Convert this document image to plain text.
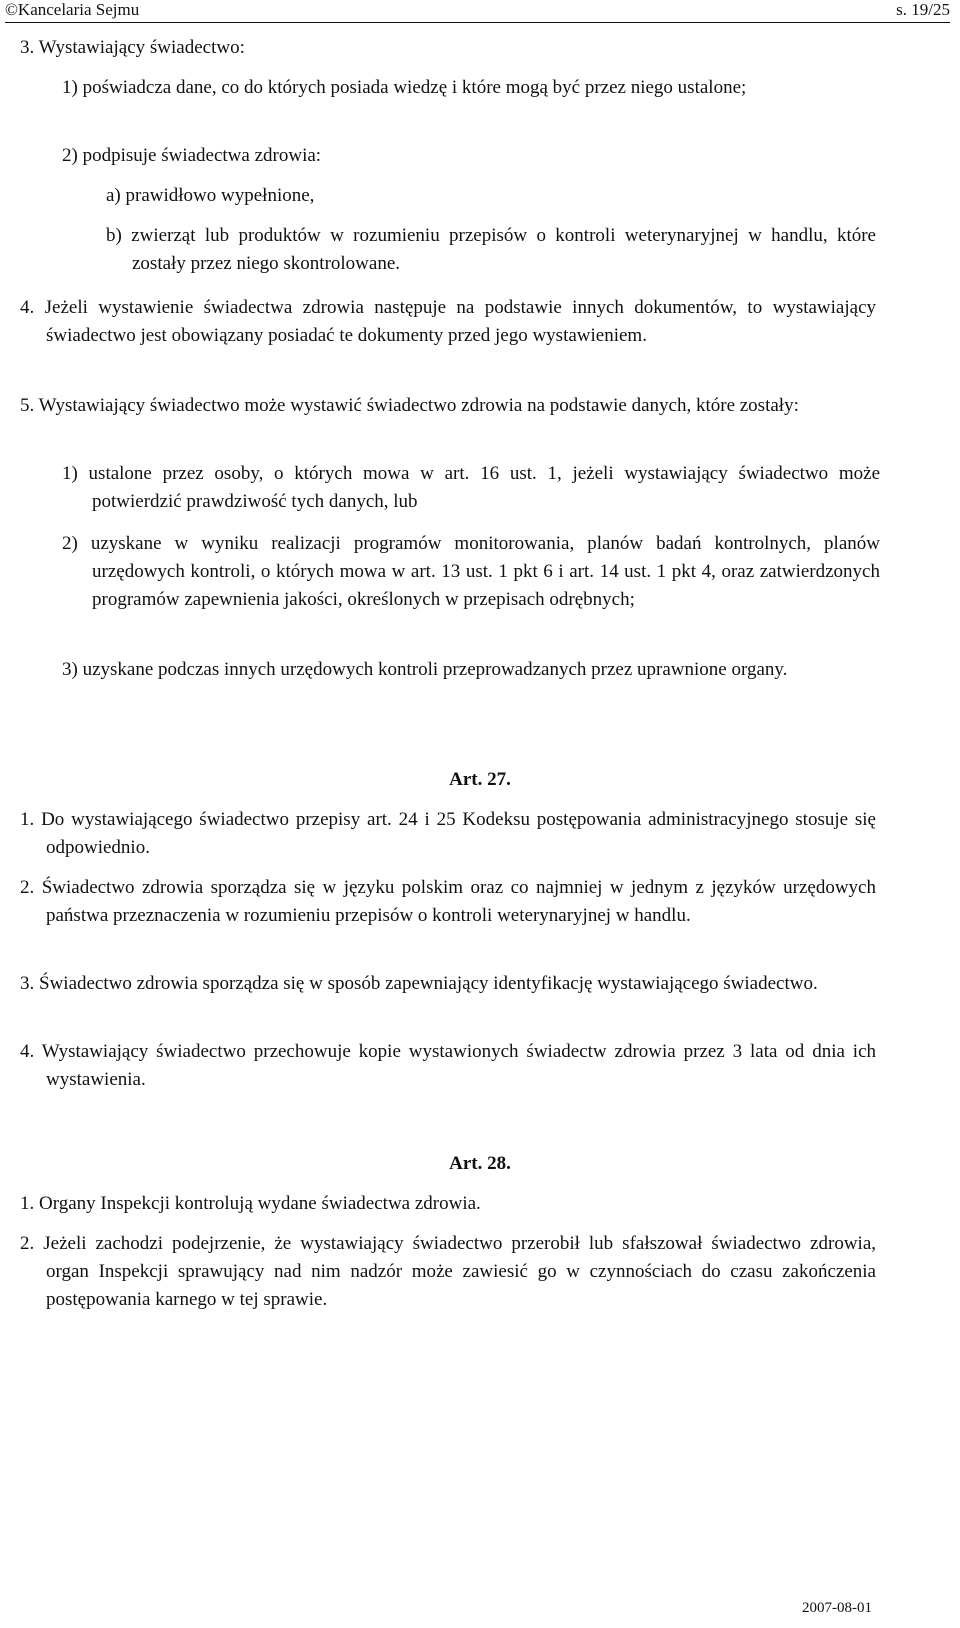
©Kancelaria Sejmu	s. 19/25

3. Wystawiający świadectwo:

1) poświadcza dane, co do których posiada wiedzę i które mogą być przez niego ustalone;

2) podpisuje świadectwa zdrowia:

a) prawidłowo wypełnione,

b) zwierząt lub produktów w rozumieniu przepisów o kontroli weterynaryjnej w handlu, które zostały przez niego skontrolowane.

4. Jeżeli wystawienie świadectwa zdrowia następuje na podstawie innych dokumentów, to wystawiający świadectwo jest obowiązany posiadać te dokumenty przed jego wystawieniem.

5. Wystawiający świadectwo może wystawić świadectwo zdrowia na podstawie danych, które zostały:

1) ustalone przez osoby, o których mowa w art. 16 ust. 1, jeżeli wystawiający świadectwo może potwierdzić prawdziwość tych danych, lub

2) uzyskane w wyniku realizacji programów monitorowania, planów badań kontrolnych, planów urzędowych kontroli, o których mowa w art. 13 ust. 1 pkt 6 i art. 14 ust. 1 pkt 4, oraz zatwierdzonych programów zapewnienia jakości, określonych w przepisach odrębnych;

3) uzyskane podczas innych urzędowych kontroli przeprowadzanych przez uprawnione organy.

Art. 27.

1. Do wystawiającego świadectwo przepisy art. 24 i 25 Kodeksu postępowania administracyjnego stosuje się odpowiednio.

2. Świadectwo zdrowia sporządza się w języku polskim oraz co najmniej w jednym z języków urzędowych państwa przeznaczenia w rozumieniu przepisów o kontroli weterynaryjnej w handlu.

3. Świadectwo zdrowia sporządza się w sposób zapewniający identyfikację wystawiającego świadectwo.

4. Wystawiający świadectwo przechowuje kopie wystawionych świadectw zdrowia przez 3 lata od dnia ich wystawienia.

Art. 28.

1. Organy Inspekcji kontrolują wydane świadectwa zdrowia.

2. Jeżeli zachodzi podejrzenie, że wystawiający świadectwo przerobił lub sfałszował świadectwo zdrowia, organ Inspekcji sprawujący nad nim nadzór może zawiesić go w czynnościach do czasu zakończenia postępowania karnego w tej sprawie.

2007-08-01
